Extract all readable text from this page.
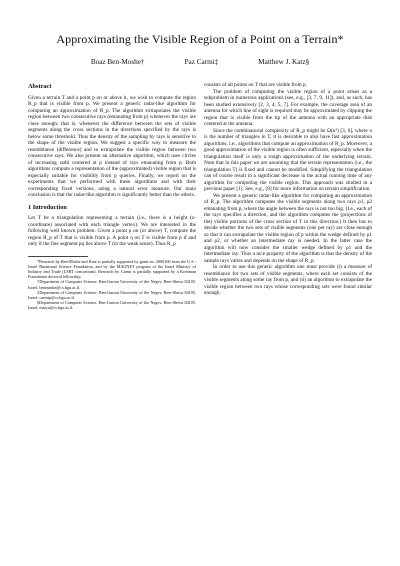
Approximating the Visible Region of a Point on a Terrain*
Boaz Ben-Moshe†	Paz Carmi‡	Matthew J. Katz§
Abstract

Given a terrain T and a point p on or above it, we wish to compute the region R_p that is visible from p. We present a generic radar-like algorithm for computing an approximation of R_p. The algorithm extrapolates the visible region between two consecutive rays (emanating from p) whenever the rays are close enough; that is, whenever the difference between the sets of visible segments along the cross sections in the directions specified by the rays is below some threshold. Thus the density of the sampling by rays is sensitive to the shape of the visible region. We suggest a specific way to measure the resemblance (difference) and to extrapolate the visible region between two consecutive rays. We also present an alternative algorithm, which uses circles of increasing radii centered at p instead of rays emanating from p. Both algorithms compute a representation of the (approximated) visible region that is especially suitable for visibility from p queries. Finally, we report on the experiments that we performed with these algorithms and with their corresponding fixed versions, using a natural error measure. Our main conclusion is that the radar-like algorithm is significantly better than the others.

1 Introduction

Let T be a triangulation representing a terrain (i.e., there is a height (z-coordinate) associated with each triangle vertex). We are interested in the following well known problem. Given a point p on (or above) T, compute the region R_p of T that is visible from p. A point q on T is visible from p if and only if the line segment pq lies above T (in the weak sense). Thus R_p

*Research by Ben-Moshe and Katz is partially supported by grant no. 2000160 from the U.S.-Israel Binational Science Foundation, and by the MAGNET program of the Israel Ministry of Industry and Trade (LSRT consortium). Research by Carmi is partially supported by a Kreitman Foundation doctoral fellowship.

†Department of Computer Science, Ben-Gurion University of the Negev, Beer-Sheva 84105, Israel, benmoshe@cs.bgu.ac.il.

‡Department of Computer Science, Ben-Gurion University of the Negev, Beer-Sheva 84105, Israel, carmip@cs.bgu.ac.il.

§Department of Computer Science, Ben-Gurion University of the Negev, Beer-Sheva 84105, Israel, matya@cs.bgu.ac.il.

consists of all points on T that are visible from p.

The problem of computing the visible region of a point arises as a subproblem in numerous applications (see, e.g., [3, 7, 9, 11]), and, as such, has been studied extensively [2, 3, 4, 5, 7]. For example, the coverage area of an antenna for which line of sight is required may be approximated by clipping the region that is visible from the tip of the antenna with an appropriate disk centered at the antenna.

Since the combinatorial complexity of R_p might be Ω(n²) [3, 6], where n is the number of triangles in T, it is desirable to also have fast approximation algorithms, i.e., algorithms that compute an approximation of R_p. Moreover, a good approximation of the visible region is often sufficient, especially when the triangulation itself is only a rough approximation of the underlying terrain. Note that in this paper we are assuming that the terrain representation (i.e., the triangulation T) is fixed and cannot be modified. Simplifying the triangulation can of course result in a significant decrease in the actual running time of any algorithm for computing the visible region. This approach was studied in a previous paper [1]. See, e.g., [8] for more information on terrain simplification.

We present a generic radar-like algorithm for computing an approximation of R_p. The algorithm computes the visible segments along two rays ρ1, ρ2 emanating from p, where the angle between the rays is not too big. (I.e., each of the rays specifies a direction, and the algorithm computes the (projections of the) visible portions of the cross section of T in this direction.) It then has to decide whether the two sets of visible segments (one per ray) are close enough so that it can extrapolate the visible region of p within the wedge defined by ρ1 and ρ2, or whether an intermediate ray is needed. In the latter case the algorithm will now consider the smaller wedge defined by ρ1 and the intermediate ray. Thus a nice property of the algorithm is that the density of the sample rays varies and depends on the shape of R_p.

In order to use this generic algorithm one must provide (i) a measure of resemblance for two sets of visible segments, where each set consists of the visible segments along some ray from p, and (ii) an algorithm to extrapolate the visible region between two rays whose corresponding sets were found similar enough.
